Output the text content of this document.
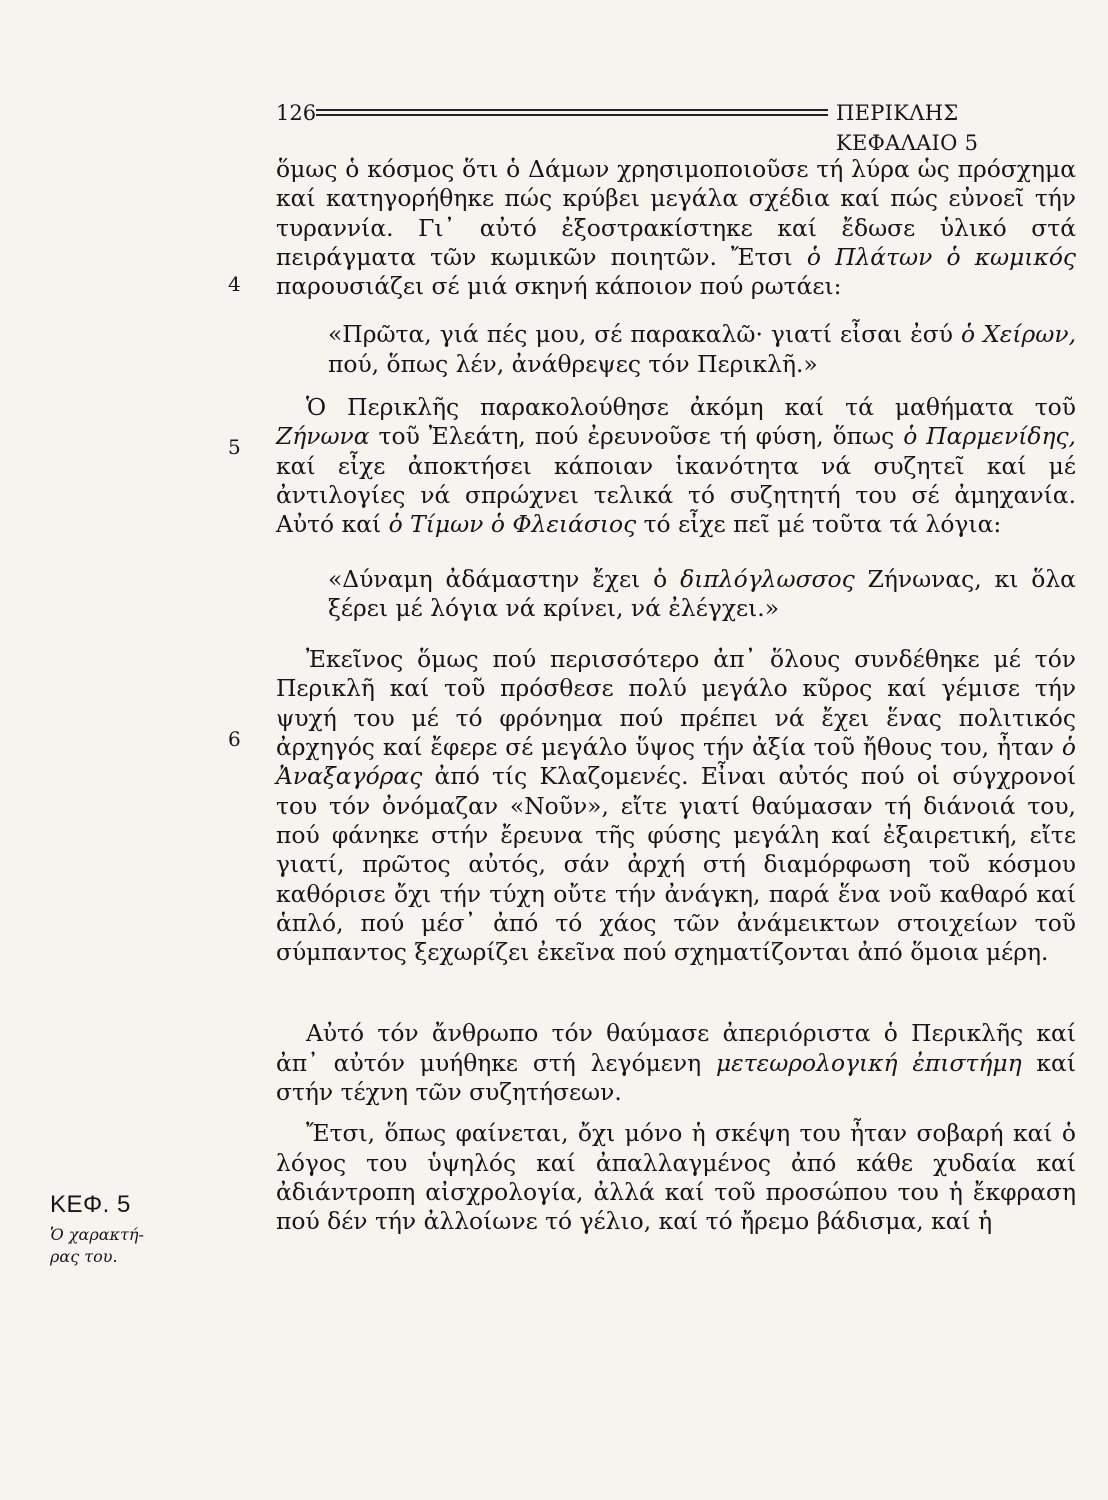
126	ΠΕΡΙΚΛΗΣ ΚΕΦΑΛΑΙΟ 5
4
5
6
ΚΕΦ. 5
Ὁ χαρακτή-
ρας του.

ὅμως ὁ κόσμος ὅτι ὁ Δάμων χρησιμοποιοῦσε τή λύρα ὡς πρόσχημα καί κατηγορήθηκε πώς κρύβει μεγάλα σχέδια καί πώς εὐνοεῖ τήν τυραννία. Γι᾽ αὐτό ἐξοστρακίστηκε καί ἔδωσε ὑλικό στά πειράγματα τῶν κωμικῶν ποιητῶν. Ἔτσι ὁ Πλάτων ὁ κωμικός παρουσιάζει σέ μιά σκηνή κάποιον πού ρωτάει:

«Πρῶτα, γιά πές μου, σέ παρακαλῶ· γιατί εἶσαι ἐσύ ὁ Χείρων, πού, ὅπως λέν, ἀνάθρεψες τόν Περικλῆ.»

Ὁ Περικλῆς παρακολούθησε ἀκόμη καί τά μαθήματα τοῦ Ζήνωνα τοῦ Ἐλεάτη, πού ἐρευνοῦσε τή φύση, ὅπως ὁ Παρμενίδης, καί εἶχε ἀποκτήσει κάποιαν ἱκανότητα νά συζητεῖ καί μέ ἀντιλογίες νά σπρώχνει τελικά τό συζητητή του σέ ἀμηχανία. Αὐτό καί ὁ Τίμων ὁ Φλειάσιος τό εἶχε πεῖ μέ τοῦτα τά λόγια:

«Δύναμη ἀδάμαστην ἔχει ὁ διπλόγλωσσος Ζήνωνας, κι ὅλα ξέρει μέ λόγια νά κρίνει, νά ἐλέγχει.»

Ἐκεῖνος ὅμως πού περισσότερο ἀπ᾽ ὅλους συνδέθηκε μέ τόν Περικλῆ καί τοῦ πρόσθεσε πολύ μεγάλο κῦρος καί γέμισε τήν ψυχή του μέ τό φρόνημα πού πρέπει νά ἔχει ἕνας πολιτικός ἀρχηγός καί ἔφερε σέ μεγάλο ὕψος τήν ἀξία τοῦ ἤθους του, ἦταν ὁ Ἀναξαγόρας ἀπό τίς Κλαζομενές. Εἶναι αὐτός πού οἱ σύγχρονοί του τόν ὀνόμαζαν «Νοῦν», εἴτε γιατί θαύμασαν τή διάνοιά του, πού φάνηκε στήν ἔρευνα τῆς φύσης μεγάλη καί ἐξαιρετική, εἴτε γιατί, πρῶτος αὐτός, σάν ἀρχή στή διαμόρφωση τοῦ κόσμου καθόρισε ὄχι τήν τύχη οὔτε τήν ἀνάγκη, παρά ἕνα νοῦ καθαρό καί ἁπλό, πού μέσ᾽ ἀπό τό χάος τῶν ἀνάμεικτων στοιχείων τοῦ σύμπαντος ξεχωρίζει ἐκεῖνα πού σχηματίζονται ἀπό ὅμοια μέρη.

Αὐτό τόν ἄνθρωπο τόν θαύμασε ἀπεριόριστα ὁ Περικλῆς καί ἀπ᾽ αὐτόν μυήθηκε στή λεγόμενη μετεωρολογική ἐπιστήμη καί στήν τέχνη τῶν συζητήσεων.

Ἔτσι, ὅπως φαίνεται, ὄχι μόνο ἡ σκέψη του ἦταν σοβαρή καί ὁ λόγος του ὑψηλός καί ἀπαλλαγμένος ἀπό κάθε χυδαία καί ἀδιάντροπη αἰσχρολογία, ἀλλά καί τοῦ προσώπου του ἡ ἔκφραση πού δέν τήν ἀλλοίωνε τό γέλιο, καί τό ἤρεμο βάδισμα, καί ἡ
